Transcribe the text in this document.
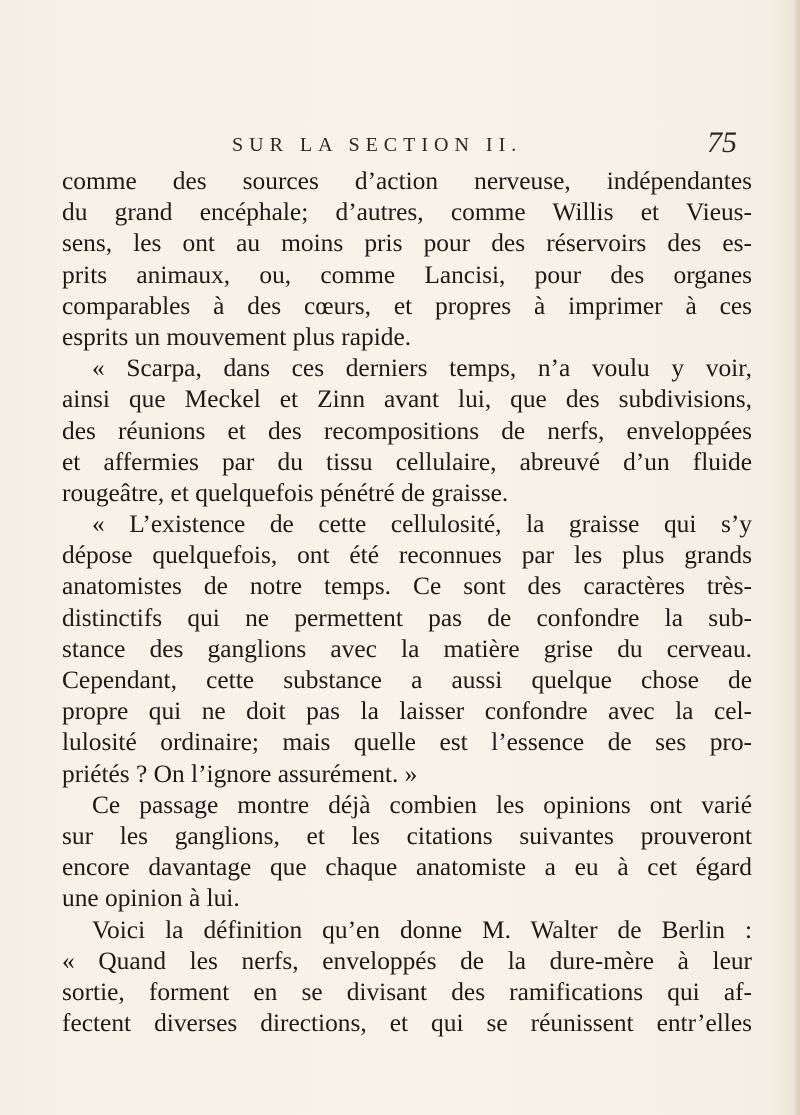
SUR LA SECTION II.	75
comme des sources d’action nerveuse, indépendantes
du grand encéphale; d’autres, comme Willis et Vieus-
sens, les ont au moins pris pour des réservoirs des es-
prits animaux, ou, comme Lancisi, pour des organes
comparables à des cœurs, et propres à imprimer à ces
esprits un mouvement plus rapide.
« Scarpa, dans ces derniers temps, n’a voulu y voir,
ainsi que Meckel et Zinn avant lui, que des subdivisions,
des réunions et des recompositions de nerfs, enveloppées
et affermies par du tissu cellulaire, abreuvé d’un fluide
rougeâtre, et quelquefois pénétré de graisse.
« L’existence de cette cellulosité, la graisse qui s’y
dépose quelquefois, ont été reconnues par les plus grands
anatomistes de notre temps. Ce sont des caractères très-
distinctifs qui ne permettent pas de confondre la sub-
stance des ganglions avec la matière grise du cerveau.
Cependant, cette substance a aussi quelque chose de
propre qui ne doit pas la laisser confondre avec la cel-
lulosité ordinaire; mais quelle est l’essence de ses pro-
priétés ? On l’ignore assurément. »
Ce passage montre déjà combien les opinions ont varié
sur les ganglions, et les citations suivantes prouveront
encore davantage que chaque anatomiste a eu à cet égard
une opinion à lui.
Voici la définition qu’en donne M. Walter de Berlin :
« Quand les nerfs, enveloppés de la dure-mère à leur
sortie, forment en se divisant des ramifications qui af-
fectent diverses directions, et qui se réunissent entr’elles
